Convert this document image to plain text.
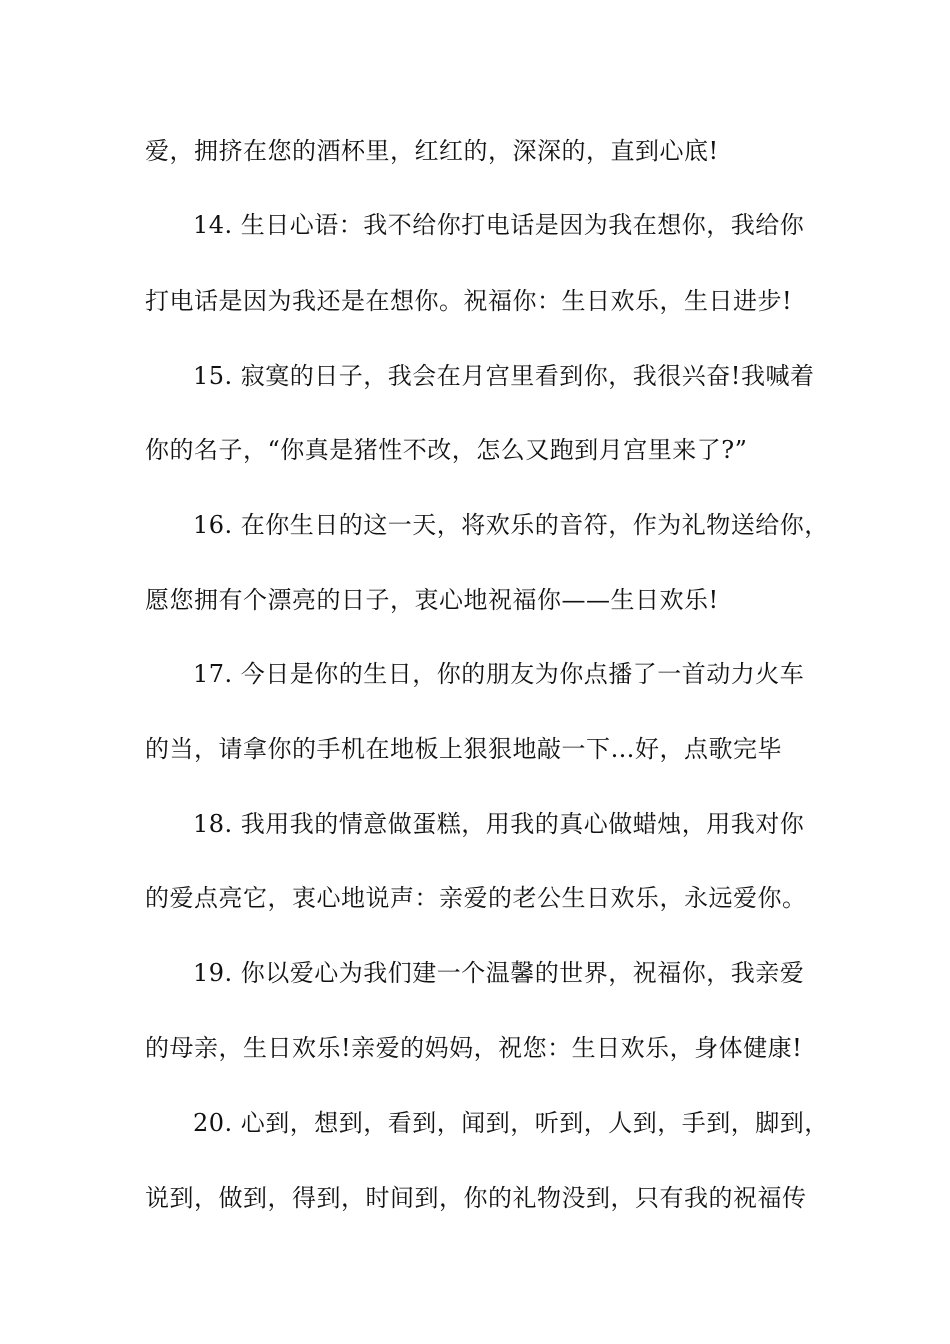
爱，拥挤在您的酒杯里，红红的，深深的，直到心底!
14. 生日心语：我不给你打电话是因为我在想你，我给你
打电话是因为我还是在想你。祝福你：生日欢乐，生日进步!
15. 寂寞的日子，我会在月宫里看到你，我很兴奋!我喊着
你的名子，“你真是猪性不改，怎么又跑到月宫里来了?”
16. 在你生日的这一天，将欢乐的音符，作为礼物送给你，
愿您拥有个漂亮的日子，衷心地祝福你——生日欢乐!
17. 今日是你的生日，你的朋友为你点播了一首动力火车
的当，请拿你的手机在地板上狠狠地敲一下…好，点歌完毕
18. 我用我的情意做蛋糕，用我的真心做蜡烛，用我对你
的爱点亮它，衷心地说声：亲爱的老公生日欢乐，永远爱你。
19. 你以爱心为我们建一个温馨的世界，祝福你，我亲爱
的母亲，生日欢乐!亲爱的妈妈，祝您：生日欢乐，身体健康!
20. 心到，想到，看到，闻到，听到，人到，手到，脚到，
说到，做到，得到，时间到，你的礼物没到，只有我的祝福传
